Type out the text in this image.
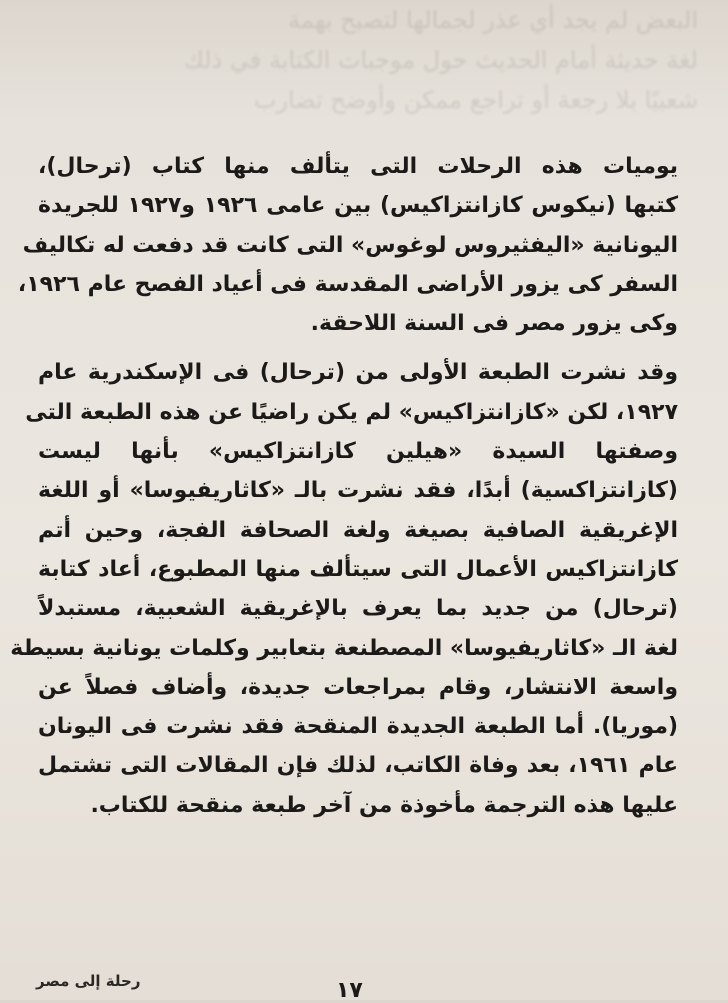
البعض لم يجد أي عذر لجمالها لتصبح بهمة
لغة حديثة أمام الحديث حول موجبات الكتابة في ذلك
شعبيًا بلا رجعة أو تراجع ممكن وأوضح تضارب
يوميات هذه الرحلات التى يتألف منها كتاب (ترحال)،
كتبها (نيكوس كازانتزاكيس) بين عامى ١٩٢٦ و١٩٢٧ للجريدة
اليونانية «اليفثيروس لوغوس» التى كانت قد دفعت له تكاليف
السفر كى يزور الأراضى المقدسة فى أعياد الفصح عام ١٩٢٦،
وكى يزور مصر فى السنة اللاحقة.
وقد نشرت الطبعة الأولى من (ترحال) فى الإسكندرية عام
١٩٢٧، لكن «كازانتزاكيس» لم يكن راضيًا عن هذه الطبعة التى
وصفتها السيدة «هيلين كازانتزاكيس» بأنها ليست
(كازانتزاكسية) أبدًا، فقد نشرت بالـ «كاثاريفيوسا» أو اللغة
الإغريقية الصافية بصيغة ولغة الصحافة الفجة، وحين أتم
كازانتزاكيس الأعمال التى سيتألف منها المطبوع، أعاد كتابة
(ترحال) من جديد بما يعرف بالإغريقية الشعبية، مستبدلاً
لغة الـ «كاثاريفيوسا» المصطنعة بتعابير وكلمات يونانية بسيطة
واسعة الانتشار، وقام بمراجعات جديدة، وأضاف فصلاً عن
(موريا). أما الطبعة الجديدة المنقحة فقد نشرت فى اليونان
عام ١٩٦١، بعد وفاة الكاتب، لذلك فإن المقالات التى تشتمل
عليها هذه الترجمة مأخوذة من آخر طبعة منقحة للكتاب.
رحلة إلى مصر	١٧
